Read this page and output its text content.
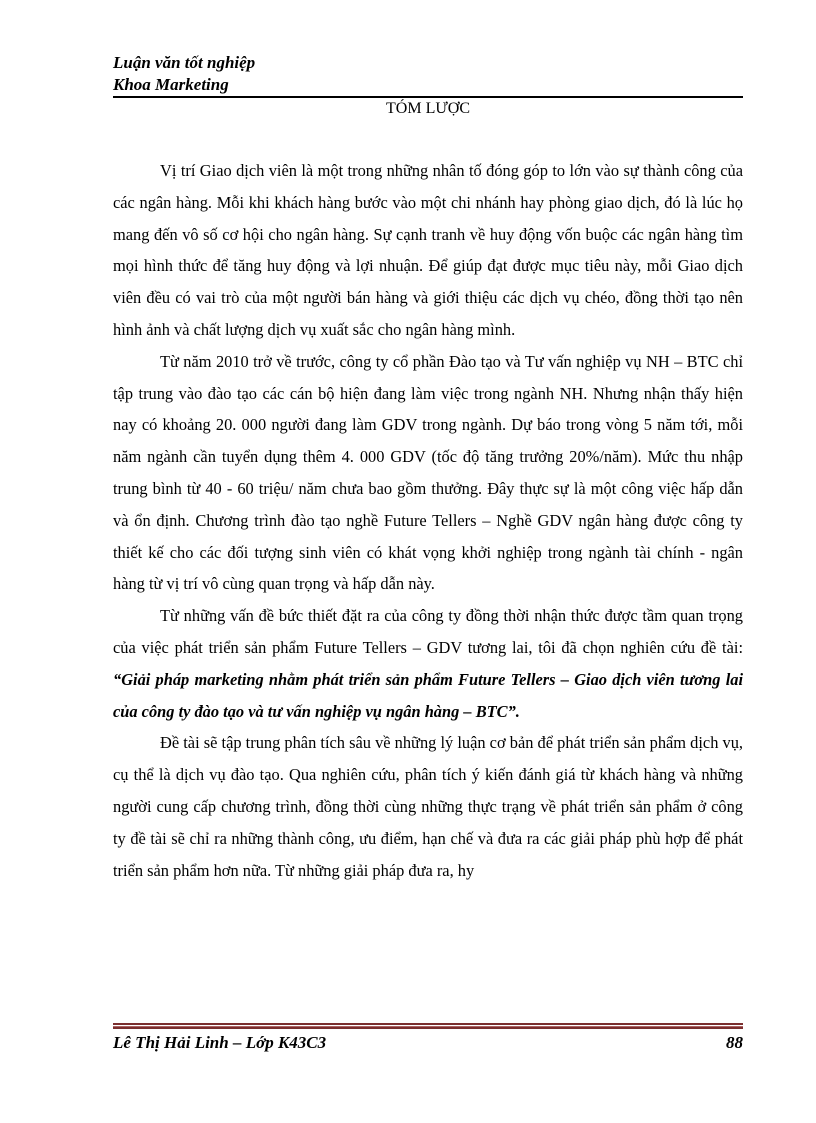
Luận văn tốt nghiệp
Khoa Marketing
TÓM LƯỢC

Vị trí Giao dịch viên là một trong những nhân tố đóng góp to lớn vào sự thành công của các ngân hàng. Mỗi khi khách hàng bước vào một chi nhánh hay phòng giao dịch, đó là lúc họ mang đến vô số cơ hội cho ngân hàng. Sự cạnh tranh về huy động vốn buộc các ngân hàng tìm mọi hình thức để tăng huy động và lợi nhuận. Để giúp đạt được mục tiêu này, mỗi Giao dịch viên đều có vai trò của một người bán hàng và giới thiệu các dịch vụ chéo, đồng thời tạo nên hình ảnh và chất lượng dịch vụ xuất sắc cho ngân hàng mình.

Từ năm 2010 trở về trước, công ty cổ phần Đào tạo và Tư vấn nghiệp vụ NH – BTC chỉ tập trung vào đào tạo các cán bộ hiện đang làm việc trong ngành NH. Nhưng nhận thấy hiện nay có khoảng 20. 000 người đang làm GDV trong ngành. Dự báo trong vòng 5 năm tới, mỗi năm ngành cần tuyển dụng thêm 4. 000 GDV (tốc độ tăng trưởng 20%/năm). Mức thu nhập trung bình từ 40 - 60 triệu/ năm chưa bao gồm thưởng. Đây thực sự là một công việc hấp dẫn và ổn định. Chương trình đào tạo nghề Future Tellers – Nghề GDV ngân hàng được công ty thiết kế cho các đối tượng sinh viên có khát vọng khởi nghiệp trong ngành tài chính - ngân hàng từ vị trí vô cùng quan trọng và hấp dẫn này.

Từ những vấn đề bức thiết đặt ra của công ty đồng thời nhận thức được tầm quan trọng của việc phát triển sản phẩm Future Tellers – GDV tương lai, tôi đã chọn nghiên cứu đề tài: “Giải pháp marketing nhằm phát triển sản phẩm Future Tellers – Giao dịch viên tương lai của công ty đào tạo và tư vấn nghiệp vụ ngân hàng – BTC”.

Đề tài sẽ tập trung phân tích sâu về những lý luận cơ bản để phát triển sản phẩm dịch vụ, cụ thể là dịch vụ đào tạo. Qua nghiên cứu, phân tích ý kiến đánh giá từ khách hàng và những người cung cấp chương trình, đồng thời cùng những thực trạng về phát triển sản phẩm ở công ty đề tài sẽ chỉ ra những thành công, ưu điểm, hạn chế và đưa ra các giải pháp phù hợp để phát triển sản phẩm hơn nữa. Từ những giải pháp đưa ra, hy

Lê Thị Hải Linh – Lớp K43C3	88
